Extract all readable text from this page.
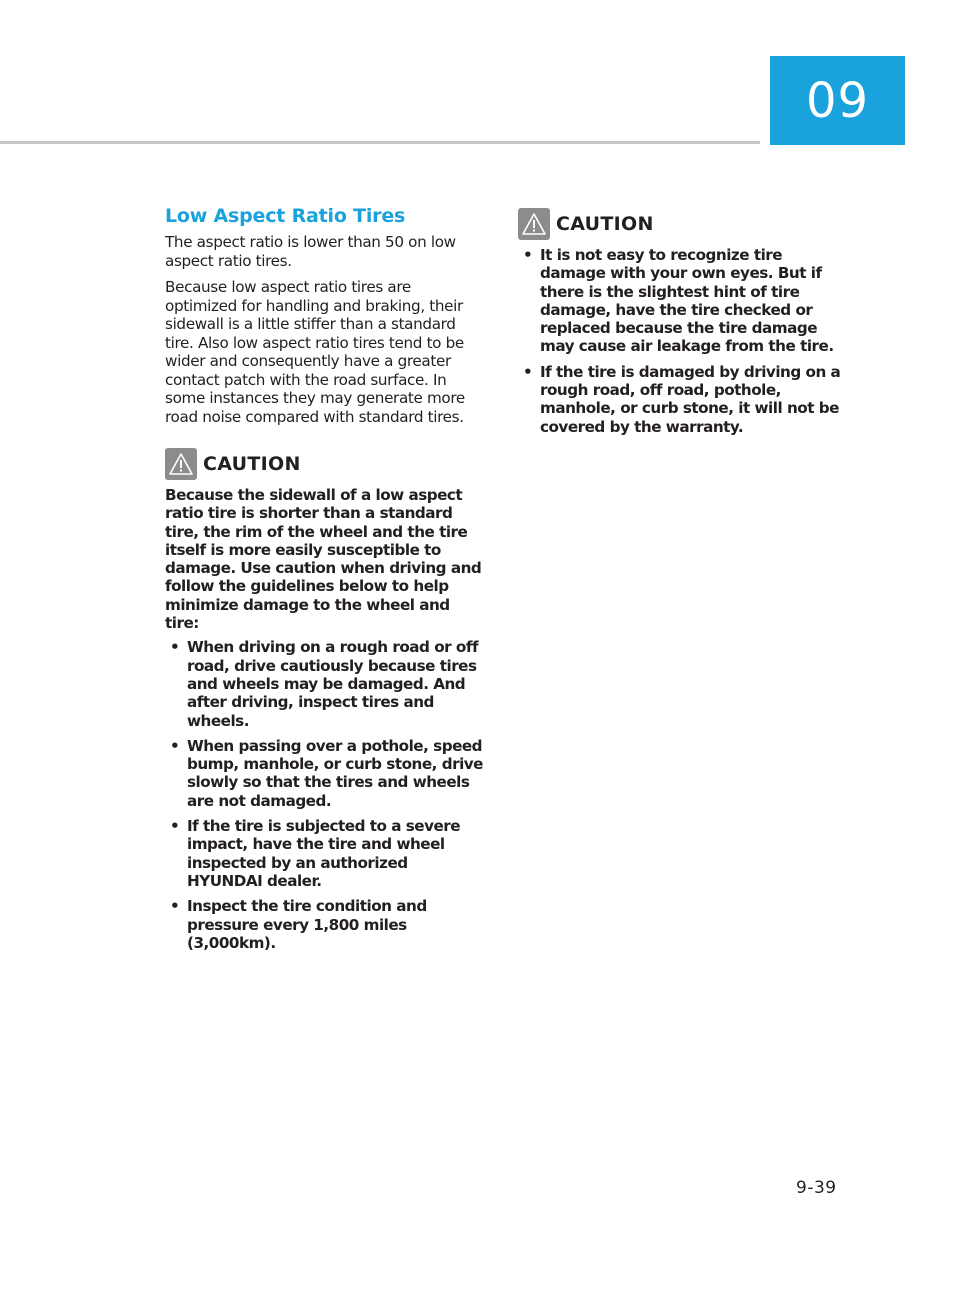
09
Low Aspect Ratio Tires

The aspect ratio is lower than 50 on low aspect ratio tires.

Because low aspect ratio tires are optimized for handling and braking, their sidewall is a little stiffer than a standard tire. Also low aspect ratio tires tend to be wider and consequently have a greater contact patch with the road surface. In some instances they may generate more road noise compared with standard tires.

CAUTION

Because the sidewall of a low aspect ratio tire is shorter than a standard tire, the rim of the wheel and the tire itself is more easily susceptible to damage. Use caution when driving and follow the guidelines below to help minimize damage to the wheel and tire:

• When driving on a rough road or off road, drive cautiously because tires and wheels may be damaged. And after driving, inspect tires and wheels.
• When passing over a pothole, speed bump, manhole, or curb stone, drive slowly so that the tires and wheels are not damaged.
• If the tire is subjected to a severe impact, have the tire and wheel inspected by an authorized HYUNDAI dealer.
• Inspect the tire condition and pressure every 1,800 miles (3,000km).
CAUTION
• It is not easy to recognize tire damage with your own eyes. But if there is the slightest hint of tire damage, have the tire checked or replaced because the tire damage may cause air leakage from the tire.
• If the tire is damaged by driving on a rough road, off road, pothole, manhole, or curb stone, it will not be covered by the warranty.
9-39
